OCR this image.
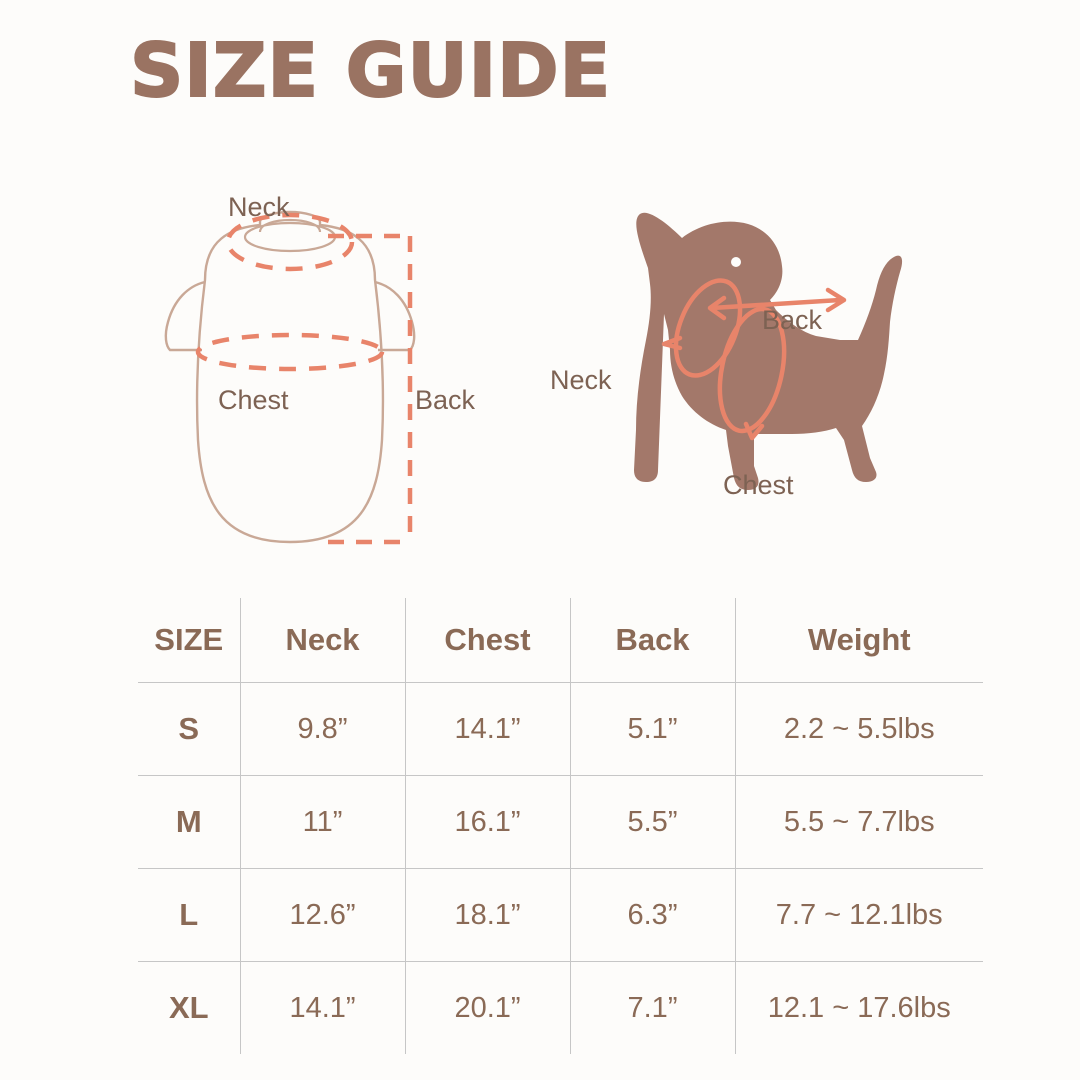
SIZE GUIDE
Neck
Chest	Back
Neck
Back
Chest
SIZE	Neck	Chest	Back	Weight
S	9.8”	14.1”	5.1”	2.2 ~ 5.5lbs
M	11”	16.1”	5.5”	5.5 ~ 7.7lbs
L	12.6”	18.1”	6.3”	7.7 ~ 12.1lbs
XL	14.1”	20.1”	7.1”	12.1 ~ 17.6lbs
